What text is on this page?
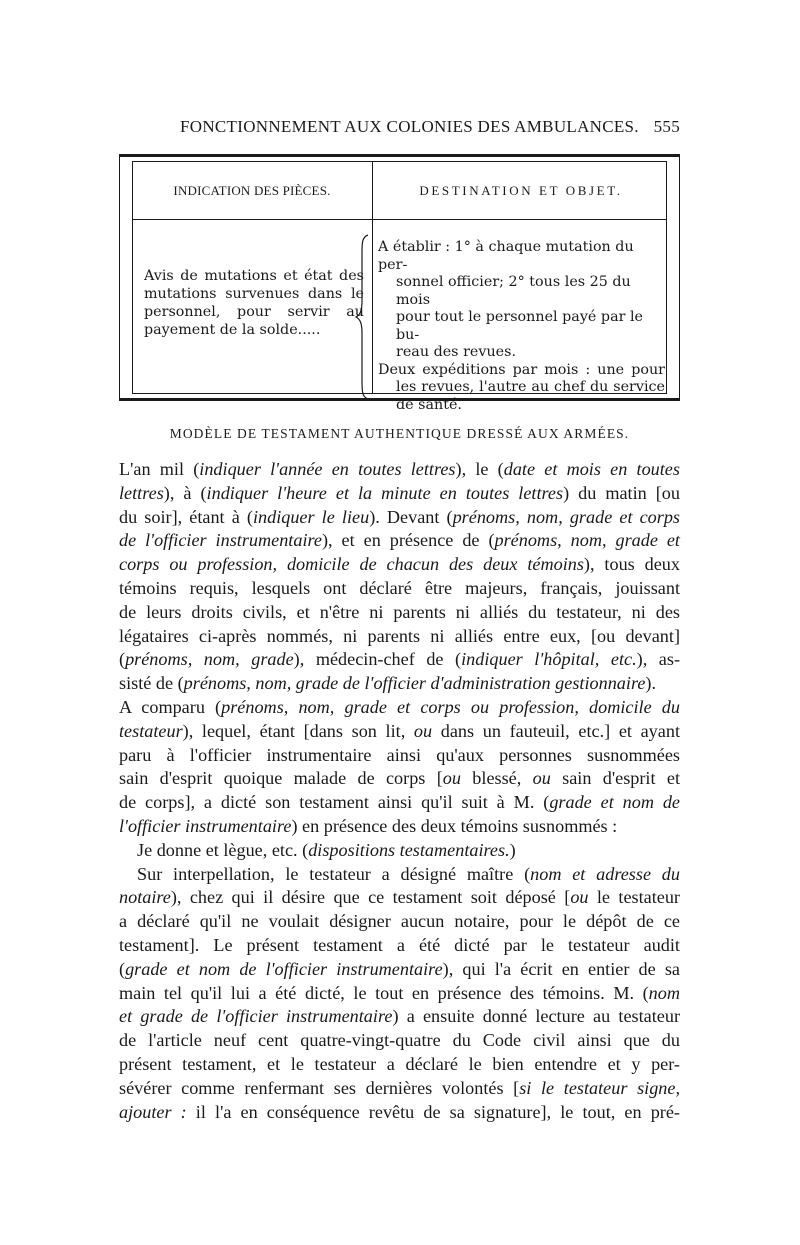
FONCTIONNEMENT AUX COLONIES DES AMBULANCES. 555
INDICATION DES PIÈCES.	DESTINATION ET OBJET.
Avis de mutations et état des
mutations survenues dans le
personnel, pour servir au
payement de la solde.....
A établir : 1° à chaque mutation du per-
sonnel officier; 2° tous les 25 du mois
pour tout le personnel payé par le bu-
reau des revues.
Deux expéditions par mois : une pour
les revues, l'autre au chef du service
de santé.
MODÈLE DE TESTAMENT AUTHENTIQUE DRESSÉ AUX ARMÉES.
L'an mil (indiquer l'année en toutes lettres), le (date et mois en toutes
lettres), à (indiquer l'heure et la minute en toutes lettres) du matin [ou
du soir], étant à (indiquer le lieu). Devant (prénoms, nom, grade et corps
de l'officier instrumentaire), et en présence de (prénoms, nom, grade et
corps ou profession, domicile de chacun des deux témoins), tous deux
témoins requis, lesquels ont déclaré être majeurs, français, jouissant
de leurs droits civils, et n'être ni parents ni alliés du testateur, ni des
légataires ci-après nommés, ni parents ni alliés entre eux, [ou devant]
(prénoms, nom, grade), médecin-chef de (indiquer l'hôpital, etc.), as-
sisté de (prénoms, nom, grade de l'officier d'administration gestionnaire).
A comparu (prénoms, nom, grade et corps ou profession, domicile du
testateur), lequel, étant [dans son lit, ou dans un fauteuil, etc.] et ayant
paru à l'officier instrumentaire ainsi qu'aux personnes susnommées
sain d'esprit quoique malade de corps [ou blessé, ou sain d'esprit et
de corps], a dicté son testament ainsi qu'il suit à M. (grade et nom de
l'officier instrumentaire) en présence des deux témoins susnommés :
Je donne et lègue, etc. (dispositions testamentaires.)
Sur interpellation, le testateur a désigné maître (nom et adresse du
notaire), chez qui il désire que ce testament soit déposé [ou le testateur
a déclaré qu'il ne voulait désigner aucun notaire, pour le dépôt de ce
testament]. Le présent testament a été dicté par le testateur audit
(grade et nom de l'officier instrumentaire), qui l'a écrit en entier de sa
main tel qu'il lui a été dicté, le tout en présence des témoins. M. (nom
et grade de l'officier instrumentaire) a ensuite donné lecture au testateur
de l'article neuf cent quatre-vingt-quatre du Code civil ainsi que du
présent testament, et le testateur a déclaré le bien entendre et y per-
sévérer comme renfermant ses dernières volontés [si le testateur signe,
ajouter : il l'a en conséquence revêtu de sa signature], le tout, en pré-
